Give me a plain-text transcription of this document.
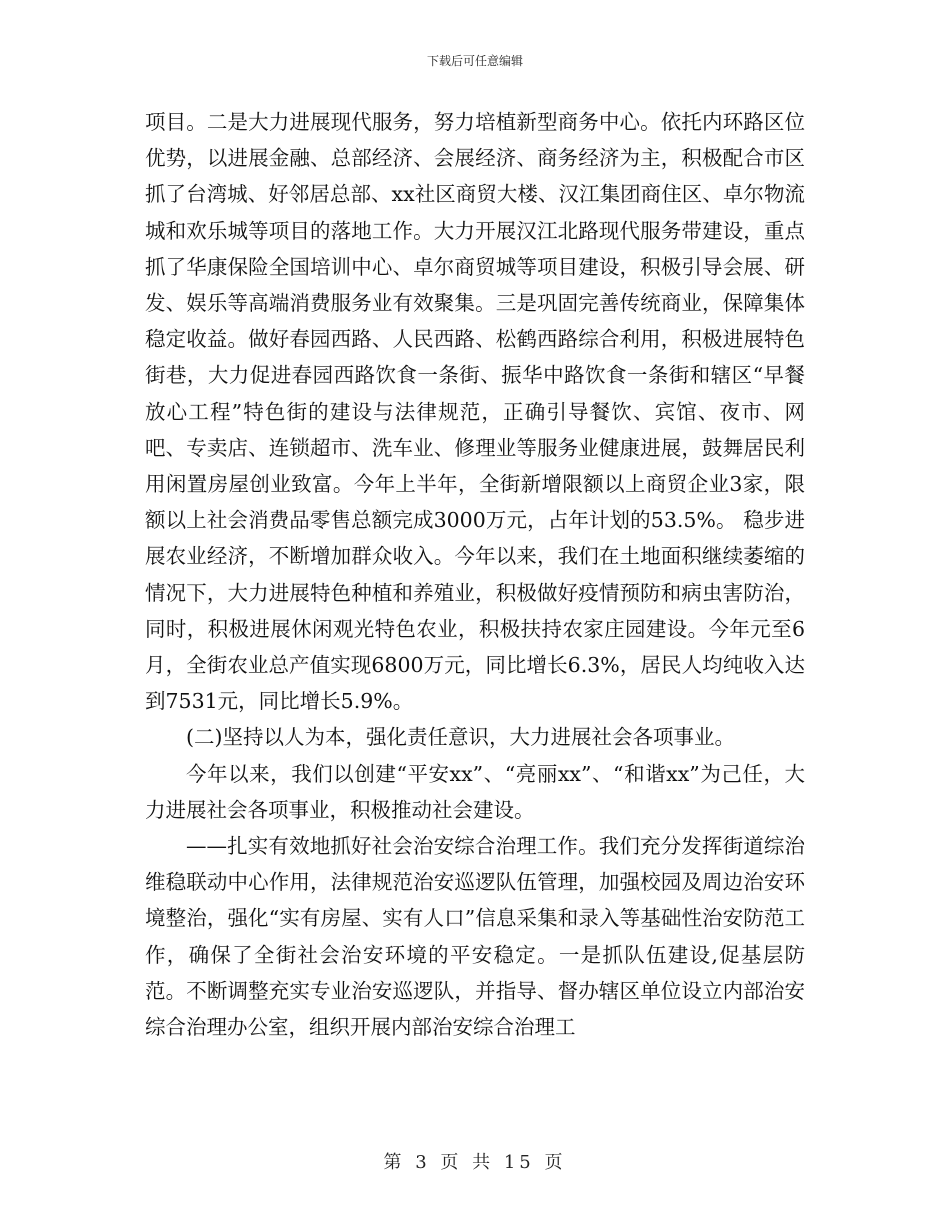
下载后可任意编辑

项目。二是大力进展现代服务，努力培植新型商务中心。依托内环路区位优势，以进展金融、总部经济、会展经济、商务经济为主，积极配合市区抓了台湾城、好邻居总部、xx社区商贸大楼、汉江集团商住区、卓尔物流城和欢乐城等项目的落地工作。大力开展汉江北路现代服务带建设，重点抓了华康保险全国培训中心、卓尔商贸城等项目建设，积极引导会展、研发、娱乐等高端消费服务业有效聚集。三是巩固完善传统商业，保障集体稳定收益。做好春园西路、人民西路、松鹤西路综合利用，积极进展特色街巷，大力促进春园西路饮食一条街、振华中路饮食一条街和辖区“早餐放心工程”特色街的建设与法律规范，正确引导餐饮、宾馆、夜市、网吧、专卖店、连锁超市、洗车业、修理业等服务业健康进展，鼓舞居民利用闲置房屋创业致富。今年上半年，全街新增限额以上商贸企业3家，限额以上社会消费品零售总额完成3000万元，占年计划的53.5%。 稳步进展农业经济，不断增加群众收入。今年以来，我们在土地面积继续萎缩的情况下，大力进展特色种植和养殖业，积极做好疫情预防和病虫害防治，同时，积极进展休闲观光特色农业，积极扶持农家庄园建设。今年元至6月，全街农业总产值实现6800万元，同比增长6.3%，居民人均纯收入达到7531元，同比增长5.9%。

(二)坚持以人为本，强化责任意识，大力进展社会各项事业。

今年以来，我们以创建“平安xx”、“亮丽xx”、“和谐xx”为己任，大力进展社会各项事业，积极推动社会建设。

——扎实有效地抓好社会治安综合治理工作。我们充分发挥街道综治维稳联动中心作用，法律规范治安巡逻队伍管理，加强校园及周边治安环境整治，强化“实有房屋、实有人口”信息采集和录入等基础性治安防范工作，确保了全街社会治安环境的平安稳定。一是抓队伍建设,促基层防范。不断调整充实专业治安巡逻队，并指导、督办辖区单位设立内部治安综合治理办公室，组织开展内部治安综合治理工

第 3 页 共 15 页
